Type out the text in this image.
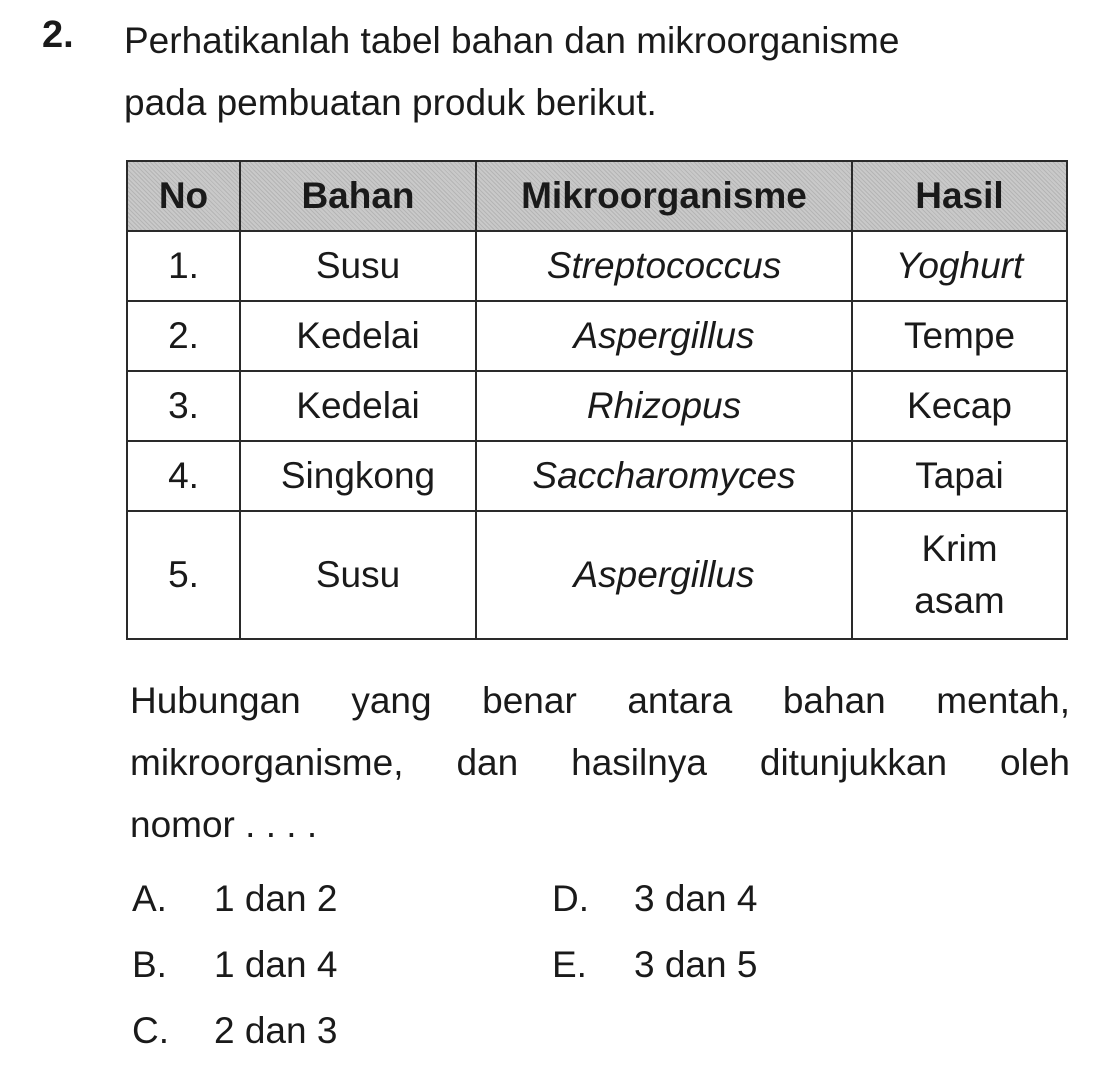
2. Perhatikanlah tabel bahan dan mikroorganisme
pada pembuatan produk berikut.
No	Bahan	Mikroorganisme	Hasil
1.	Susu	Streptococcus	Yoghurt

2.	Kedelai	Aspergillus	Tempe

3.	Kedelai	Rhizopus	Kecap

4.	Singkong	Saccharomyces	Tapai

5.	Susu	Aspergillus	Krim
asam
Hubungan yang benar antara bahan mentah,
mikroorganisme, dan hasilnya ditunjukkan oleh
nomor . . . .
A.	1 dan 2
B.	1 dan 4
C.	2 dan 3
D.	3 dan 4
E.	3 dan 5
